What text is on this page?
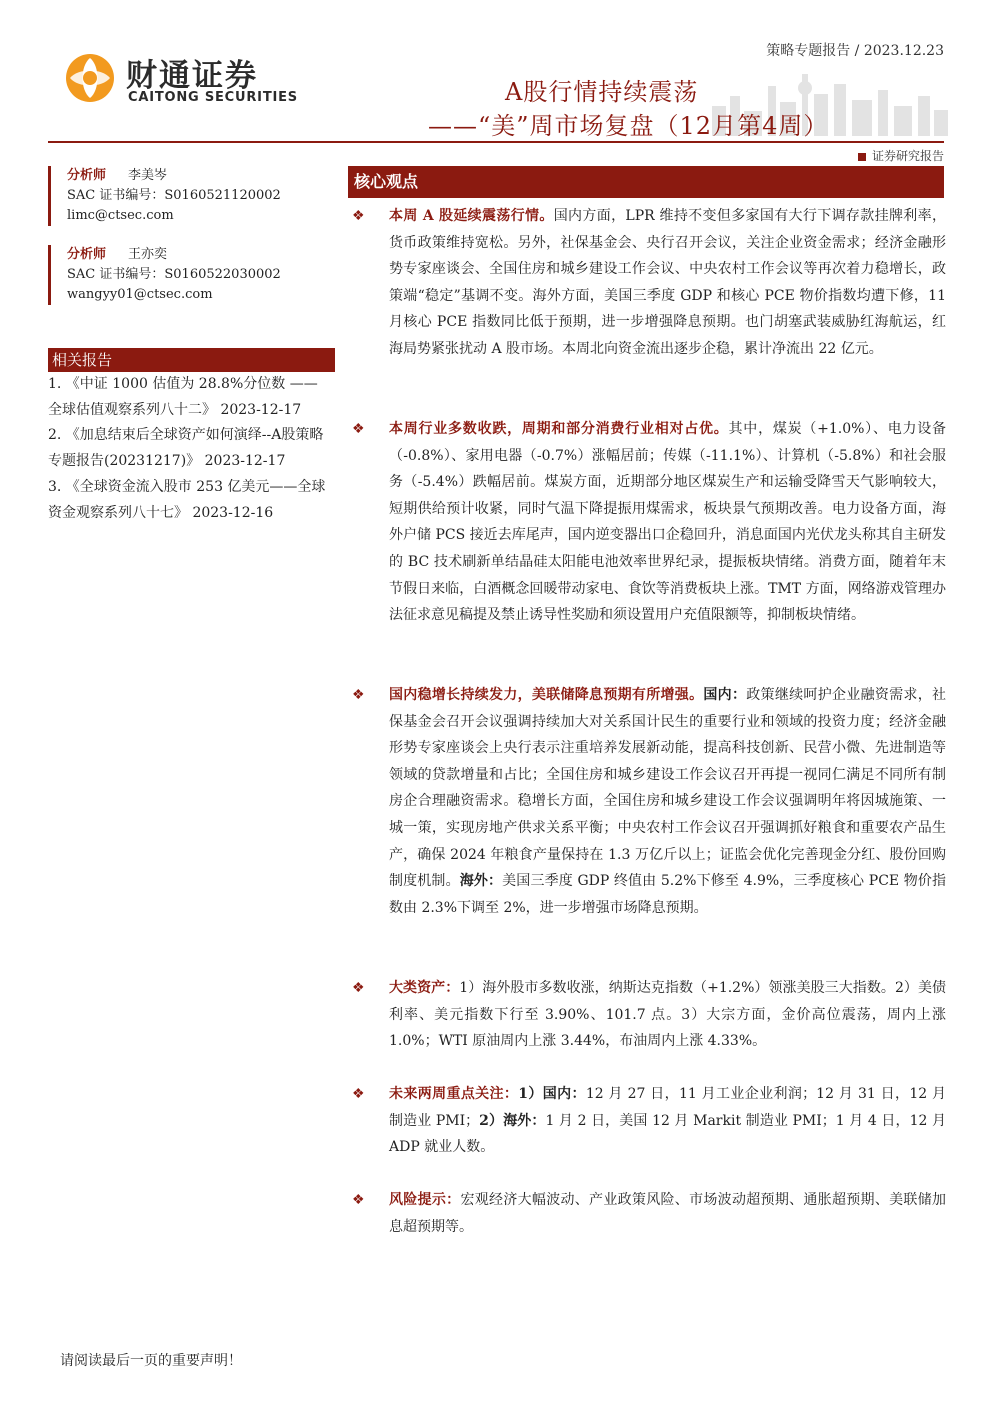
财通证券
CAITONG SECURITIES
策略专题报告 / 2023.12.23
A股行情持续震荡
——“美”周市场复盘（12月第4周）
证券研究报告
分析师 李美岑
SAC 证书编号：S0160521120002
limc@ctsec.com
分析师 王亦奕
SAC 证书编号：S0160522030002
wangyy01@ctsec.com
相关报告

1. 《中证 1000 估值为 28.8%分位数 ——全球估值观察系列八十二》 2023-12-17

2. 《加息结束后全球资产如何演绎--A股策略专题报告(20231217)》 2023-12-17

3. 《全球资金流入股市 253 亿美元——全球资金观察系列八十七》 2023-12-16

核心观点
❖ 本周 A 股延续震荡行情。国内方面，LPR 维持不变但多家国有大行下调存款挂牌利率，货币政策维持宽松。另外，社保基金会、央行召开会议，关注企业资金需求；经济金融形势专家座谈会、全国住房和城乡建设工作会议、中央农村工作会议等再次着力稳增长，政策端“稳定”基调不变。海外方面，美国三季度 GDP 和核心 PCE 物价指数均遭下修，11 月核心 PCE 指数同比低于预期，进一步增强降息预期。也门胡塞武装威胁红海航运，红海局势紧张扰动 A 股市场。本周北向资金流出逐步企稳，累计净流出 22 亿元。
❖ 本周行业多数收跌，周期和部分消费行业相对占优。其中，煤炭（+1.0%）、电力设备（-0.8%）、家用电器（-0.7%）涨幅居前；传媒（-11.1%）、计算机（-5.8%）和社会服务（-5.4%）跌幅居前。煤炭方面，近期部分地区煤炭生产和运输受降雪天气影响较大，短期供给预计收紧，同时气温下降提振用煤需求，板块景气预期改善。电力设备方面，海外户储 PCS 接近去库尾声，国内逆变器出口企稳回升，消息面国内光伏龙头称其自主研发的 BC 技术刷新单结晶硅太阳能电池效率世界纪录，提振板块情绪。消费方面，随着年末节假日来临，白酒概念回暖带动家电、食饮等消费板块上涨。TMT 方面，网络游戏管理办法征求意见稿提及禁止诱导性奖励和须设置用户充值限额等，抑制板块情绪。
❖ 国内稳增长持续发力，美联储降息预期有所增强。国内：政策继续呵护企业融资需求，社保基金会召开会议强调持续加大对关系国计民生的重要行业和领域的投资力度；经济金融形势专家座谈会上央行表示注重培养发展新动能，提高科技创新、民营小微、先进制造等领域的贷款增量和占比；全国住房和城乡建设工作会议召开再提一视同仁满足不同所有制房企合理融资需求。稳增长方面，全国住房和城乡建设工作会议强调明年将因城施策、一城一策，实现房地产供求关系平衡；中央农村工作会议召开强调抓好粮食和重要农产品生产，确保 2024 年粮食产量保持在 1.3 万亿斤以上；证监会优化完善现金分红、股份回购制度机制。海外：美国三季度 GDP 终值由 5.2%下修至 4.9%，三季度核心 PCE 物价指数由 2.3%下调至 2%，进一步增强市场降息预期。
❖ 大类资产：1）海外股市多数收涨，纳斯达克指数（+1.2%）领涨美股三大指数。2）美债利率、美元指数下行至 3.90%、101.7 点。3）大宗方面，金价高位震荡，周内上涨 1.0%；WTI 原油周内上涨 3.44%，布油周内上涨 4.33%。
❖ 未来两周重点关注：1）国内：12 月 27 日，11 月工业企业利润；12 月 31 日，12 月制造业 PMI；2）海外：1 月 2 日，美国 12 月 Markit 制造业 PMI；1 月 4 日，12 月 ADP 就业人数。
❖ 风险提示：宏观经济大幅波动、产业政策风险、市场波动超预期、通胀超预期、美联储加息超预期等。
请阅读最后一页的重要声明！
